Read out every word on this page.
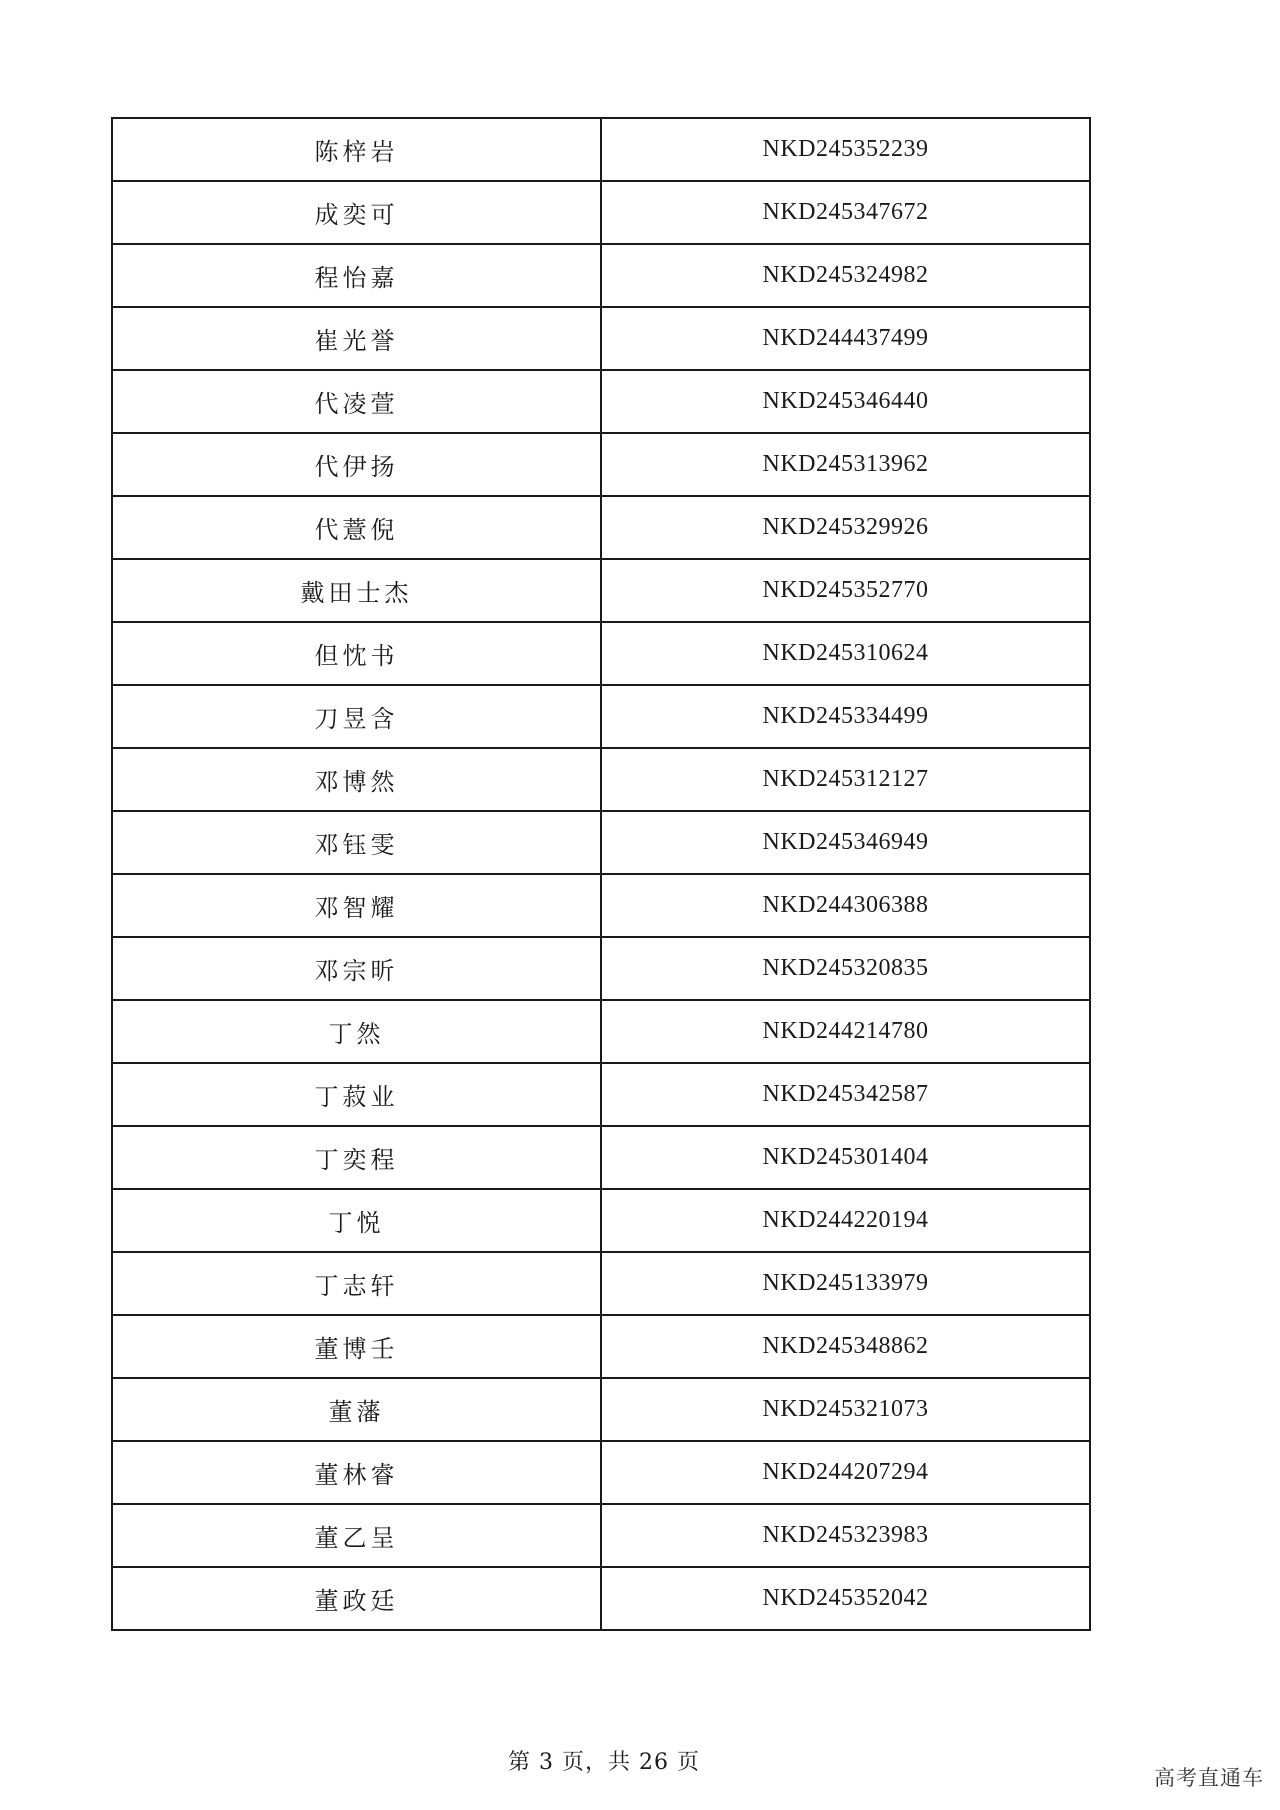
陈梓岩	NKD245352239
成奕可	NKD245347672
程怡嘉	NKD245324982
崔光誉	NKD244437499
代凌萱	NKD245346440
代伊扬	NKD245313962
代薏倪	NKD245329926
戴田士杰	NKD245352770
但忱书	NKD245310624
刀昱含	NKD245334499
邓博然	NKD245312127
邓钰雯	NKD245346949
邓智耀	NKD244306388
邓宗昕	NKD245320835
丁然	NKD244214780
丁菽业	NKD245342587
丁奕程	NKD245301404
丁悦	NKD244220194
丁志轩	NKD245133979
董博壬	NKD245348862
董藩	NKD245321073
董林睿	NKD244207294
董乙呈	NKD245323983
董政廷	NKD245352042
第 3 页，共 26 页
高考直通车
